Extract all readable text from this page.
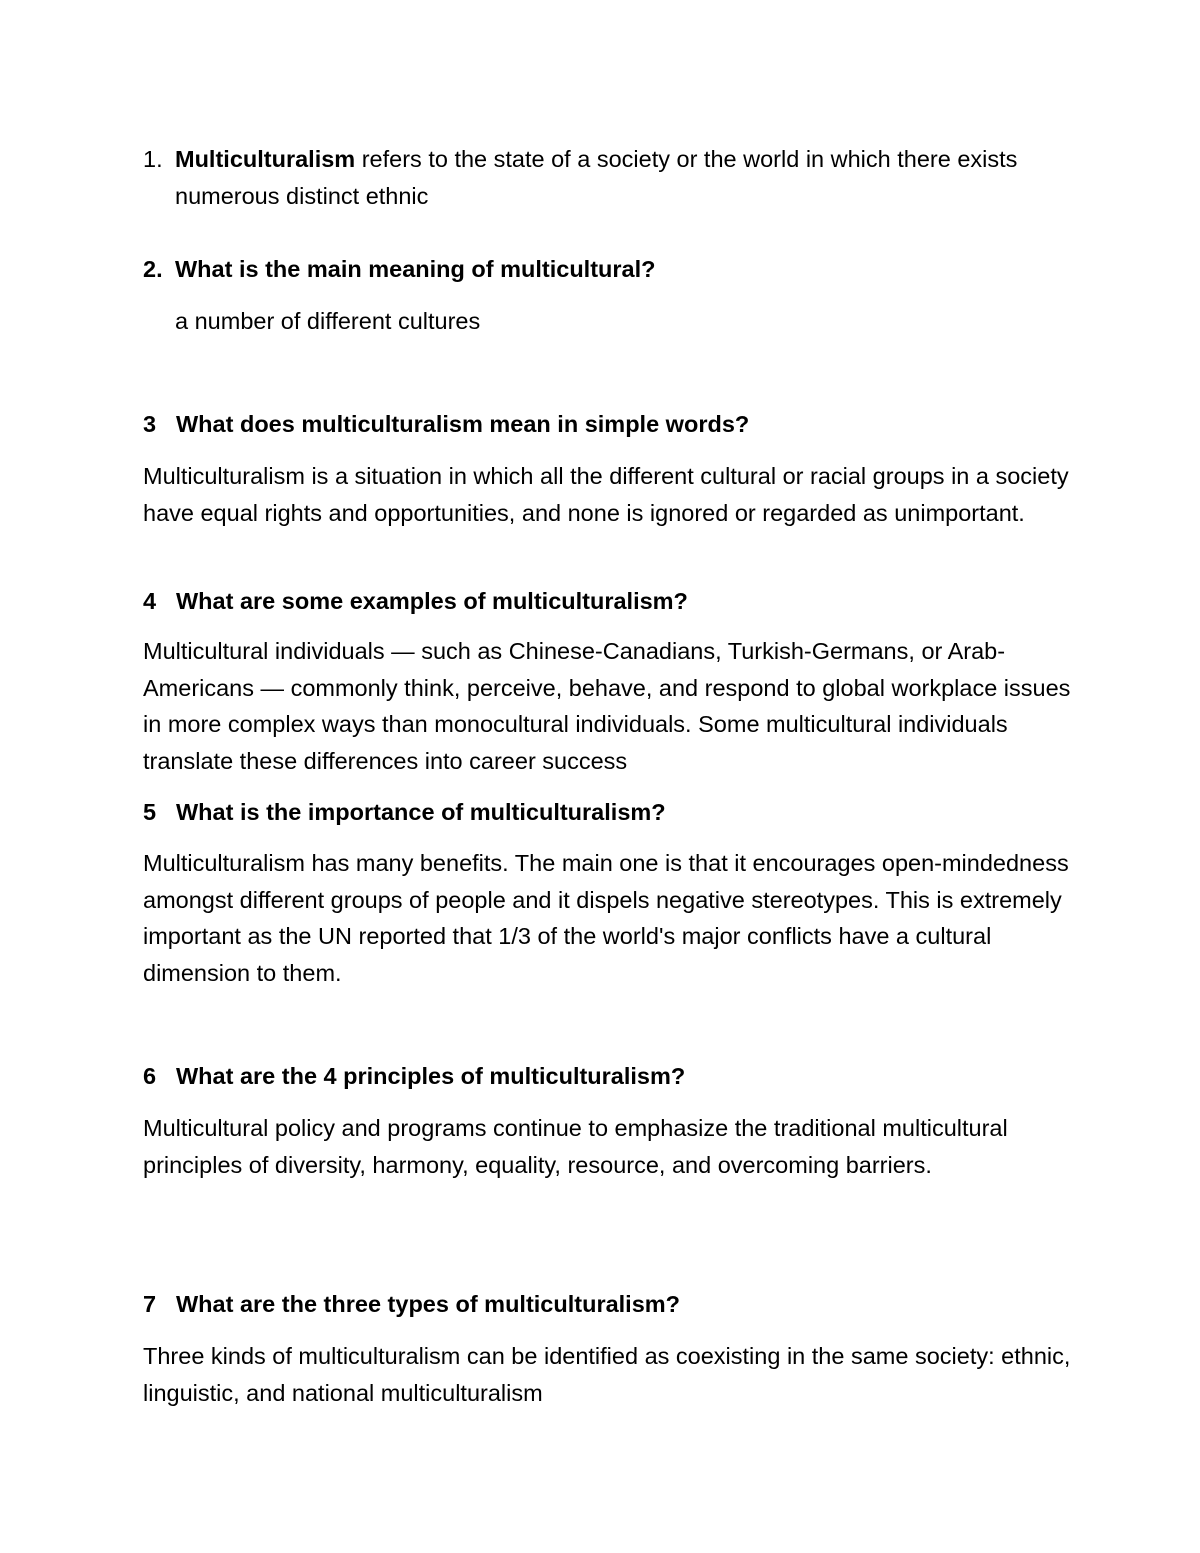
1. Multiculturalism refers to the state of a society or the world in which there exists numerous distinct ethnic

2. What is the main meaning of multicultural?

a number of different cultures

3 What does multiculturalism mean in simple words?

Multiculturalism is a situation in which all the different cultural or racial groups in a society have equal rights and opportunities, and none is ignored or regarded as unimportant.

4 What are some examples of multiculturalism?

Multicultural individuals — such as Chinese-Canadians, Turkish-Germans, or Arab-Americans — commonly think, perceive, behave, and respond to global workplace issues in more complex ways than monocultural individuals. Some multicultural individuals translate these differences into career success

5 What is the importance of multiculturalism?

Multiculturalism has many benefits. The main one is that it encourages open-mindedness amongst different groups of people and it dispels negative stereotypes. This is extremely important as the UN reported that 1/3 of the world's major conflicts have a cultural dimension to them.

6 What are the 4 principles of multiculturalism?

Multicultural policy and programs continue to emphasize the traditional multicultural principles of diversity, harmony, equality, resource, and overcoming barriers.

7 What are the three types of multiculturalism?

Three kinds of multiculturalism can be identified as coexisting in the same society: ethnic, linguistic, and national multiculturalism
